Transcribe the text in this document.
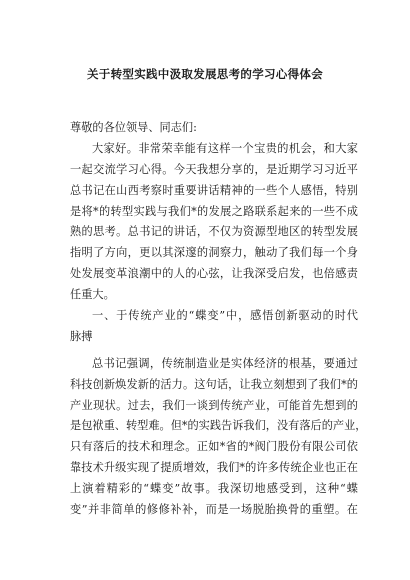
关于转型实践中汲取发展思考的学习心得体会
尊敬的各位领导、同志们:
大家好。非常荣幸能有这样一个宝贵的机会，和大家
一起交流学习心得。今天我想分享的，是近期学习习近平
总书记在山西考察时重要讲话精神的一些个人感悟，特别
是将*的转型实践与我们*的发展之路联系起来的一些不成
熟的思考。总书记的讲话，不仅为资源型地区的转型发展
指明了方向，更以其深邃的洞察力，触动了我们每一个身
处发展变革浪潮中的人的心弦，让我深受启发，也倍感责
任重大。
一、于传统产业的“蝶变”中，感悟创新驱动的时代
脉搏
总书记强调，传统制造业是实体经济的根基，要通过
科技创新焕发新的活力。这句话，让我立刻想到了我们*的
产业现状。过去，我们一谈到传统产业，可能首先想到的
是包袱重、转型难。但*的实践告诉我们，没有落后的产业，
只有落后的技术和理念。正如*省的*阀门股份有限公司依
靠技术升级实现了提质增效，我们*的许多传统企业也正在
上演着精彩的“蝶变”故事。我深切地感受到，这种“蝶
变”并非简单的修修补补，而是一场脱胎换骨的重塑。在
